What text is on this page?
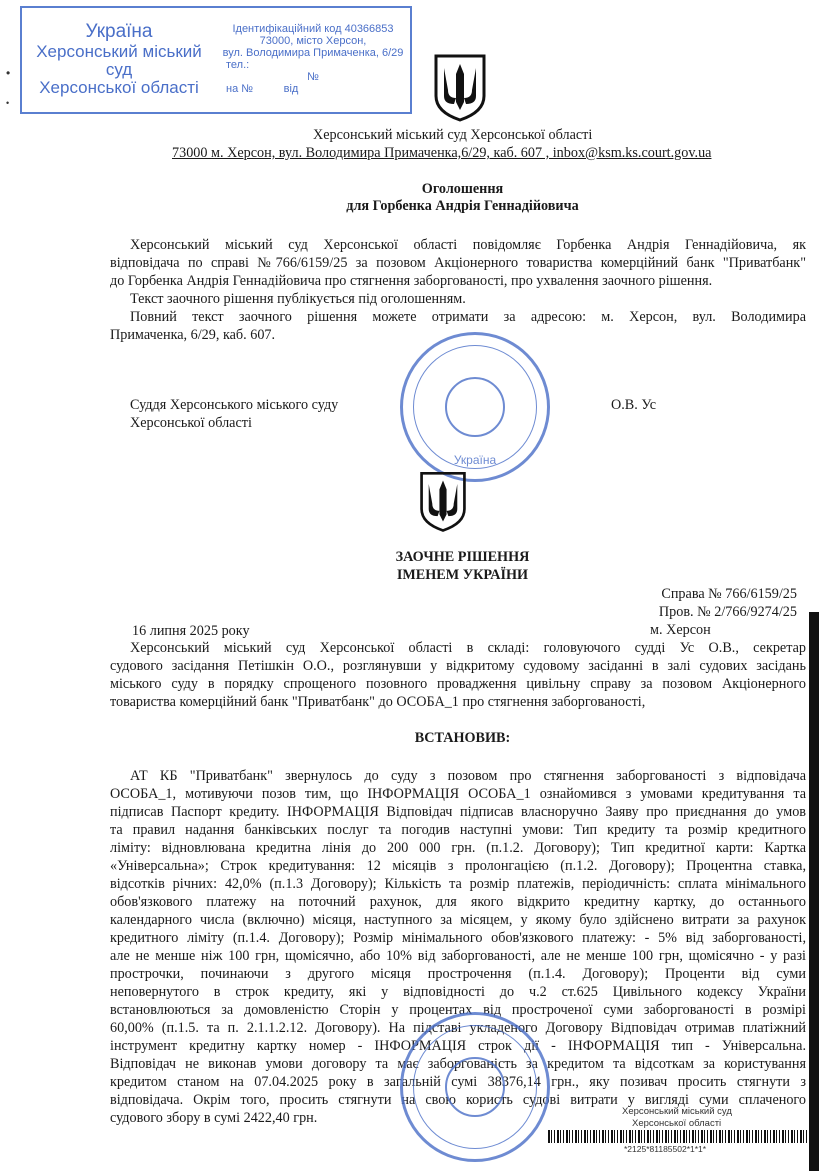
•
•
Україна
Херсонський міський суд
Херсонської області
Ідентифікаційний код 40366853
73000, місто Херсон,
вул. Володимира Примаченка, 6/29
тел.:
№
на №          від
Херсонський міський суд Херсонської області
73000 м. Херсон, вул. Володимира Примаченка,6/29, каб. 607 , inbox@ksm.ks.court.gov.ua
Оголошення
для Горбенка Андрія Геннадійовича
Херсонський міський суд Херсонської області повідомляє Горбенка Андрія Геннадійовича, як
відповідача по справі №766/6159/25 за позовом Акціонерного товариства комерційний банк "Приватбанк"
до Горбенка Андрія Геннадійовича про стягнення заборгованості, про ухвалення заочного рішення.
Текст заочного рішення публікується під оголошенням.
Повний текст заочного рішення можете отримати за адресою: м. Херсон, вул. Володимира
Примаченка, 6/29, каб. 607.
Україна
Суддя Херсонського міського суду
Херсонської області
О.В. Ус
ЗАОЧНЕ РІШЕННЯ
ІМЕНЕМ УКРАЇНИ
Справа № 766/6159/25
Пров. № 2/766/9274/25
16 липня 2025 року	м. Херсон
Херсонський міський суд Херсонської області в складі: головуючого судді Ус О.В., секретар
судового засідання Петішкін О.О., розглянувши у відкритому судовому засіданні в залі судових засідань
міського суду в порядку спрощеного позовного провадження цивільну справу за позовом Акціонерного
товариства комерційний банк "Приватбанк" до ОСОБА_1 про стягнення заборгованості,
ВСТАНОВИВ:
АТ КБ "Приватбанк" звернулось до суду з позовом про стягнення заборгованості з відповідача
ОСОБА_1, мотивуючи позов тим, що ІНФОРМАЦІЯ ОСОБА_1 ознайомився з умовами кредитування та
підписав Паспорт кредиту. ІНФОРМАЦІЯ Відповідач підписав власноручно Заяву про приєднання до умов
та правил надання банківських послуг та погодив наступні умови: Тип кредиту та розмір кредитного
ліміту: відновлювана кредитна лінія до 200 000 грн. (п.1.2. Договору); Тип кредитної карти: Картка
«Універсальна»; Строк кредитування: 12 місяців з пролонгацією (п.1.2. Договору); Процентна ставка,
відсотків річних: 42,0% (п.1.3 Договору); Кількість та розмір платежів, періодичність: сплата мінімального
обов'язкового платежу на поточний рахунок, для якого відкрито кредитну картку, до останнього
календарного числа (включно) місяця, наступного за місяцем, у якому було здійснено витрати за рахунок
кредитного ліміту (п.1.4. Договору); Розмір мінімального обов'язкового платежу: - 5% від заборгованості,
але не менше ніж 100 грн, щомісячно, або 10% від заборгованості, але не менше 100 грн, щомісячно - у разі
прострочки, починаючи з другого місяця прострочення (п.1.4. Договору); Проценти від суми
неповернутого в строк кредиту, які у відповідності до ч.2 ст.625 Цивільного кодексу України
встановлюються за домовленістю Сторін у процентах від простроченої суми заборгованості в розмірі
60,00% (п.1.5. та п. 2.1.1.2.12. Договору). На підставі укладеного Договору Відповідач отримав платіжний
інструмент кредитну картку номер - ІНФОРМАЦІЯ строк дії - ІНФОРМАЦІЯ тип - Універсальна.
Відповідач не виконав умови договору та має заборгованість за кредитом та відсоткам за користування
кредитом станом на 07.04.2025 року в загальній сумі 38376,14 грн., яку позивач просить стягнути з
відповідача. Окрім того, просить стягнути на свою користь судові витрати у вигляді суми сплаченого
судового збору в сумі 2422,40 грн.	Херсонський міський суд
Херсонської області
*2125*81185502*1*1*
